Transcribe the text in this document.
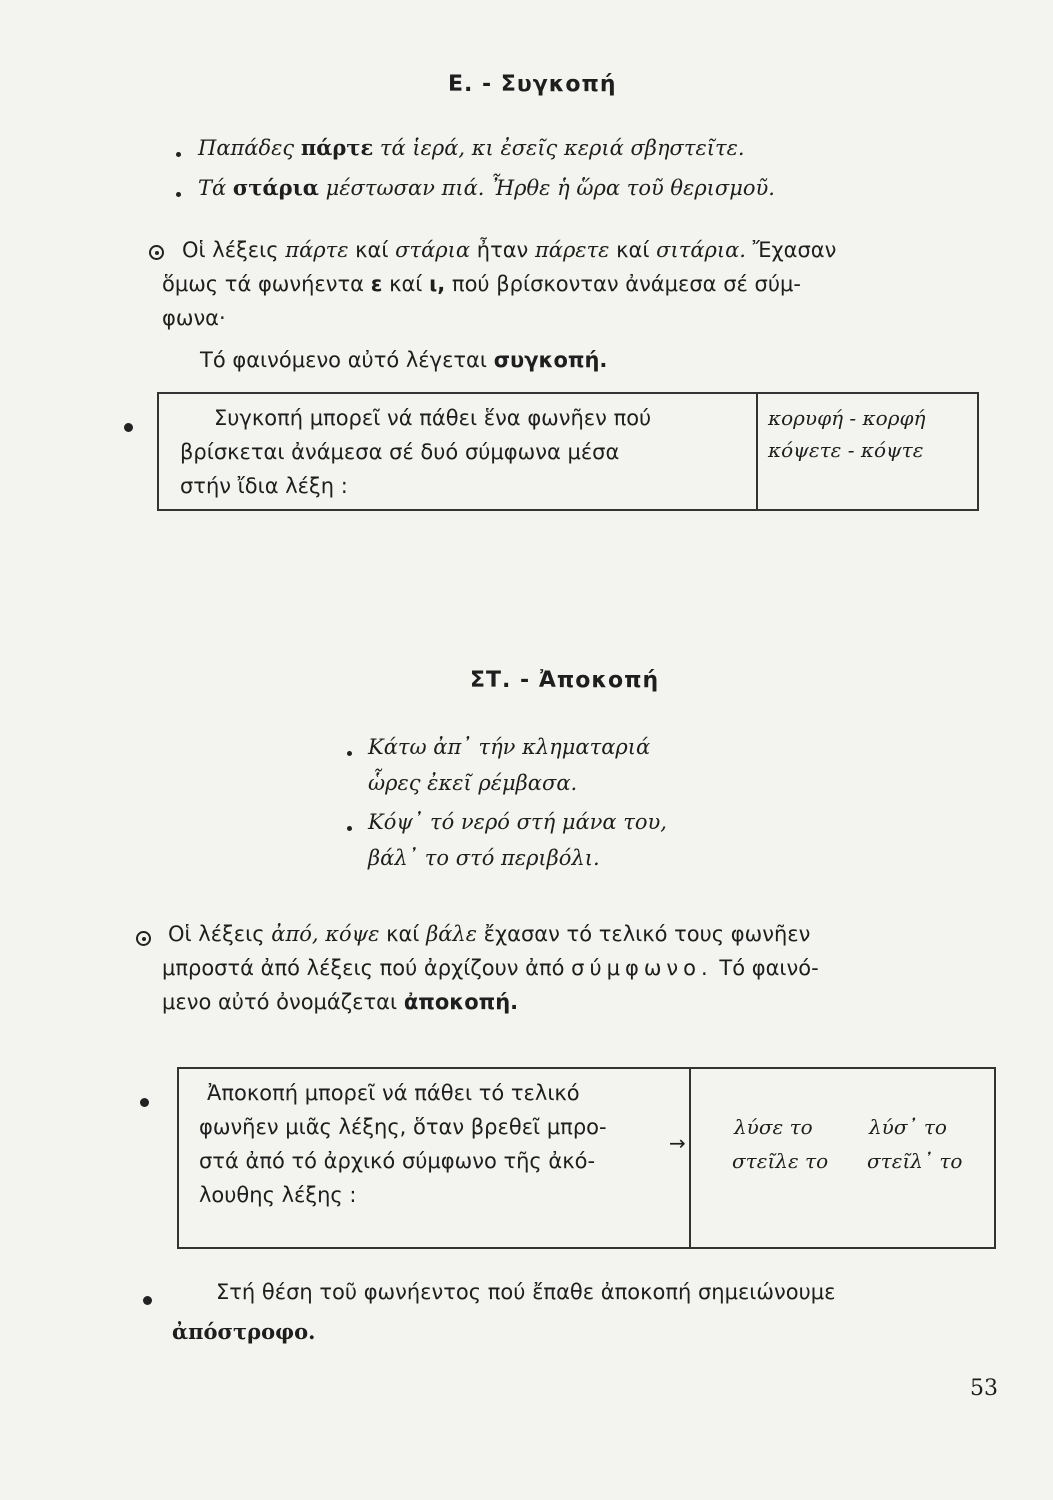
Ε. - Συγκοπή
Παπάδες πάρτε τά ἱερά, κι ἐσεῖς κεριά σβηστεῖτε.
Τά στάρια μέστωσαν πιά. Ἦρθε ἡ ὥρα τοῦ θερισμοῦ.
Οἱ λέξεις πάρτε καί στάρια ἦταν πάρετε καί σιτάρια. Ἔχασαν
ὅμως τά φωνήεντα ε καί ι, πού βρίσκονταν ἀνάμεσα σέ σύμ-
φωνα·
Τό φαινόμενο αὐτό λέγεται συγκοπή.
Συγκοπή μπορεῖ νά πάθει ἕνα φωνῆεν πού
βρίσκεται ἀνάμεσα σέ δυό σύμφωνα μέσα
στήν ἴδια λέξη :
κορυφή - κορφή
κόψετε - κόψτε
ΣΤ. - Ἀποκοπή
Κάτω ἀπ᾿ τήν κληματαριά
ὧρες ἐκεῖ ρέμβασα.
Κόψ᾿ τό νερό στή μάνα του,
βάλ᾿ το στό περιβόλι.
Οἱ λέξεις ἀπό, κόψε καί βάλε ἔχασαν τό τελικό τους φωνῆεν
μπροστά ἀπό λέξεις πού ἀρχίζουν ἀπό σύμφωνο. Τό φαινό-
μενο αὐτό ὀνομάζεται ἀποκοπή.
Ἀποκοπή μπορεῖ νά πάθει τό τελικό
φωνῆεν μιᾶς λέξης, ὅταν βρεθεῖ μπρο-
στά ἀπό τό ἀρχικό σύμφωνο τῆς ἀκό-
λουθης λέξης :
→
λύσε το	λύσ᾿ το
στεῖλε το στεῖλ᾿ το
Στή θέση τοῦ φωνήεντος πού ἔπαθε ἀποκοπή σημειώνουμε
ἀπόστροφο.
53
